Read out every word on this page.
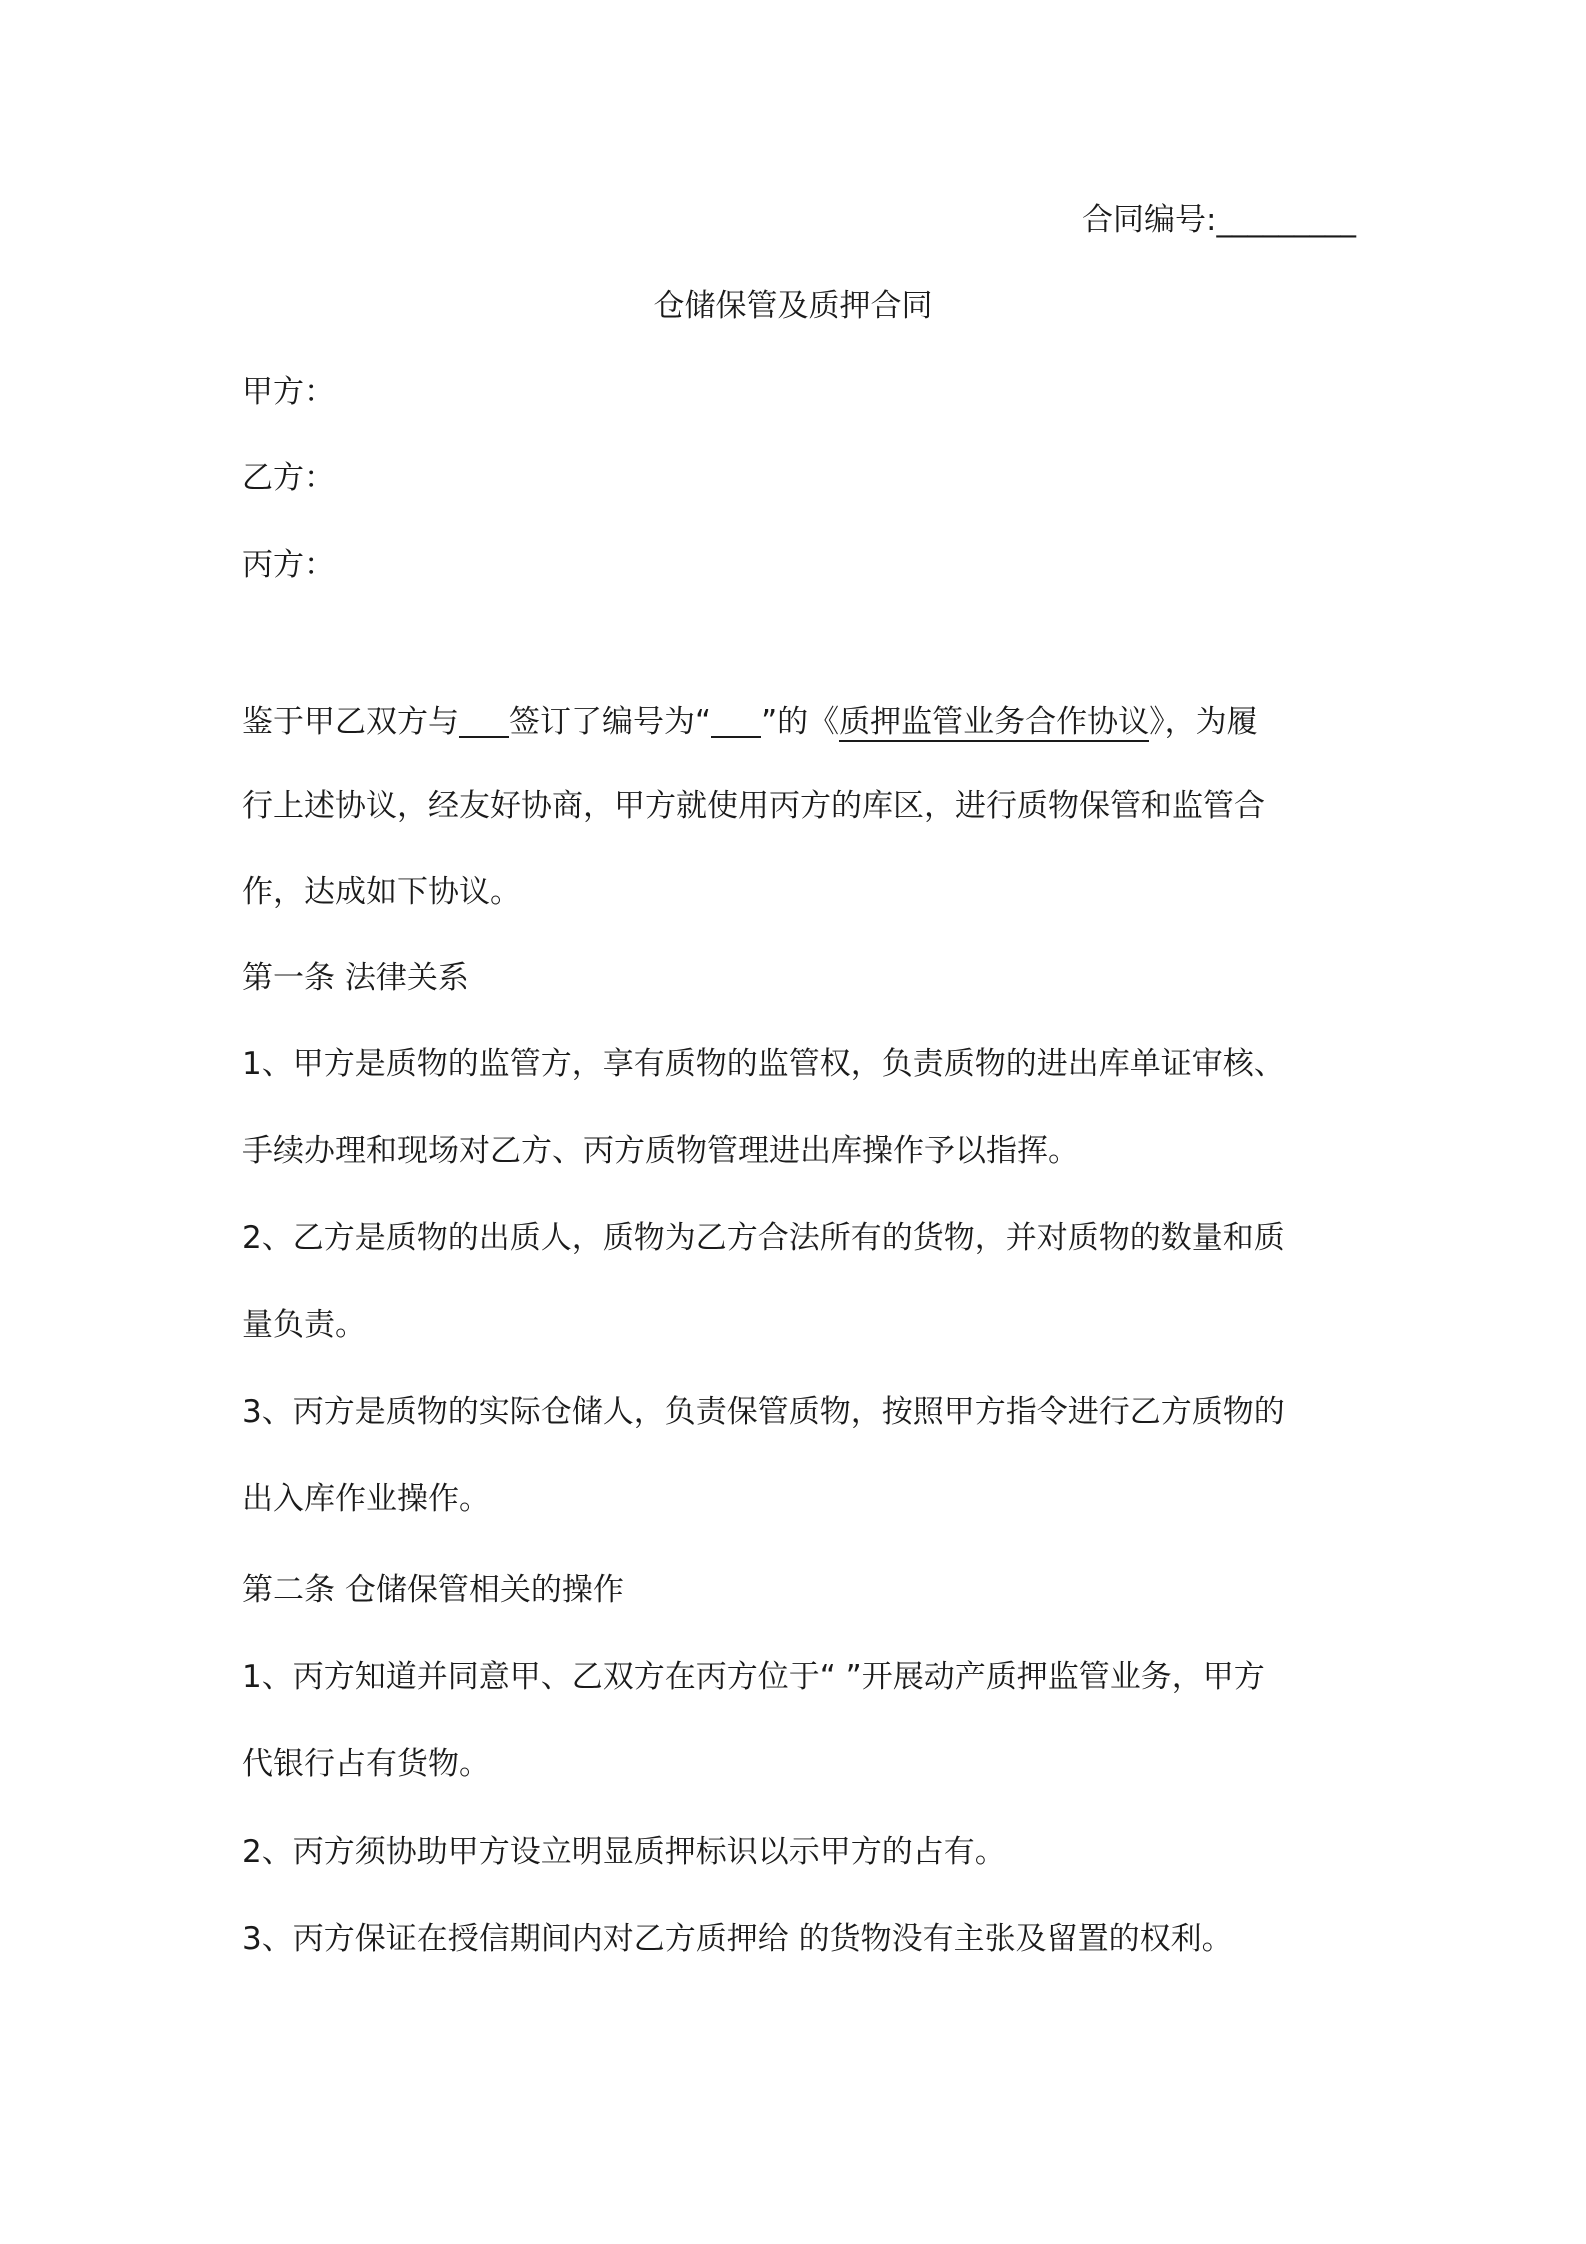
合同编号:_________
仓储保管及质押合同
甲方：
乙方：
丙方：
鉴于甲乙双方与 签订了编号为“ ”的《质押监管业务合作协议》，为履
行上述协议，经友好协商，甲方就使用丙方的库区，进行质物保管和监管合
作，达成如下协议。
第一条 法律关系
1、甲方是质物的监管方，享有质物的监管权，负责质物的进出库单证审核、
手续办理和现场对乙方、丙方质物管理进出库操作予以指挥。
2、乙方是质物的出质人，质物为乙方合法所有的货物，并对质物的数量和质
量负责。
3、丙方是质物的实际仓储人，负责保管质物，按照甲方指令进行乙方质物的
出入库作业操作。
第二条 仓储保管相关的操作
1、丙方知道并同意甲、乙双方在丙方位于“ ”开展动产质押监管业务，甲方
代银行占有货物。
2、丙方须协助甲方设立明显质押标识以示甲方的占有。
3、丙方保证在授信期间内对乙方质押给 的货物没有主张及留置的权利。
